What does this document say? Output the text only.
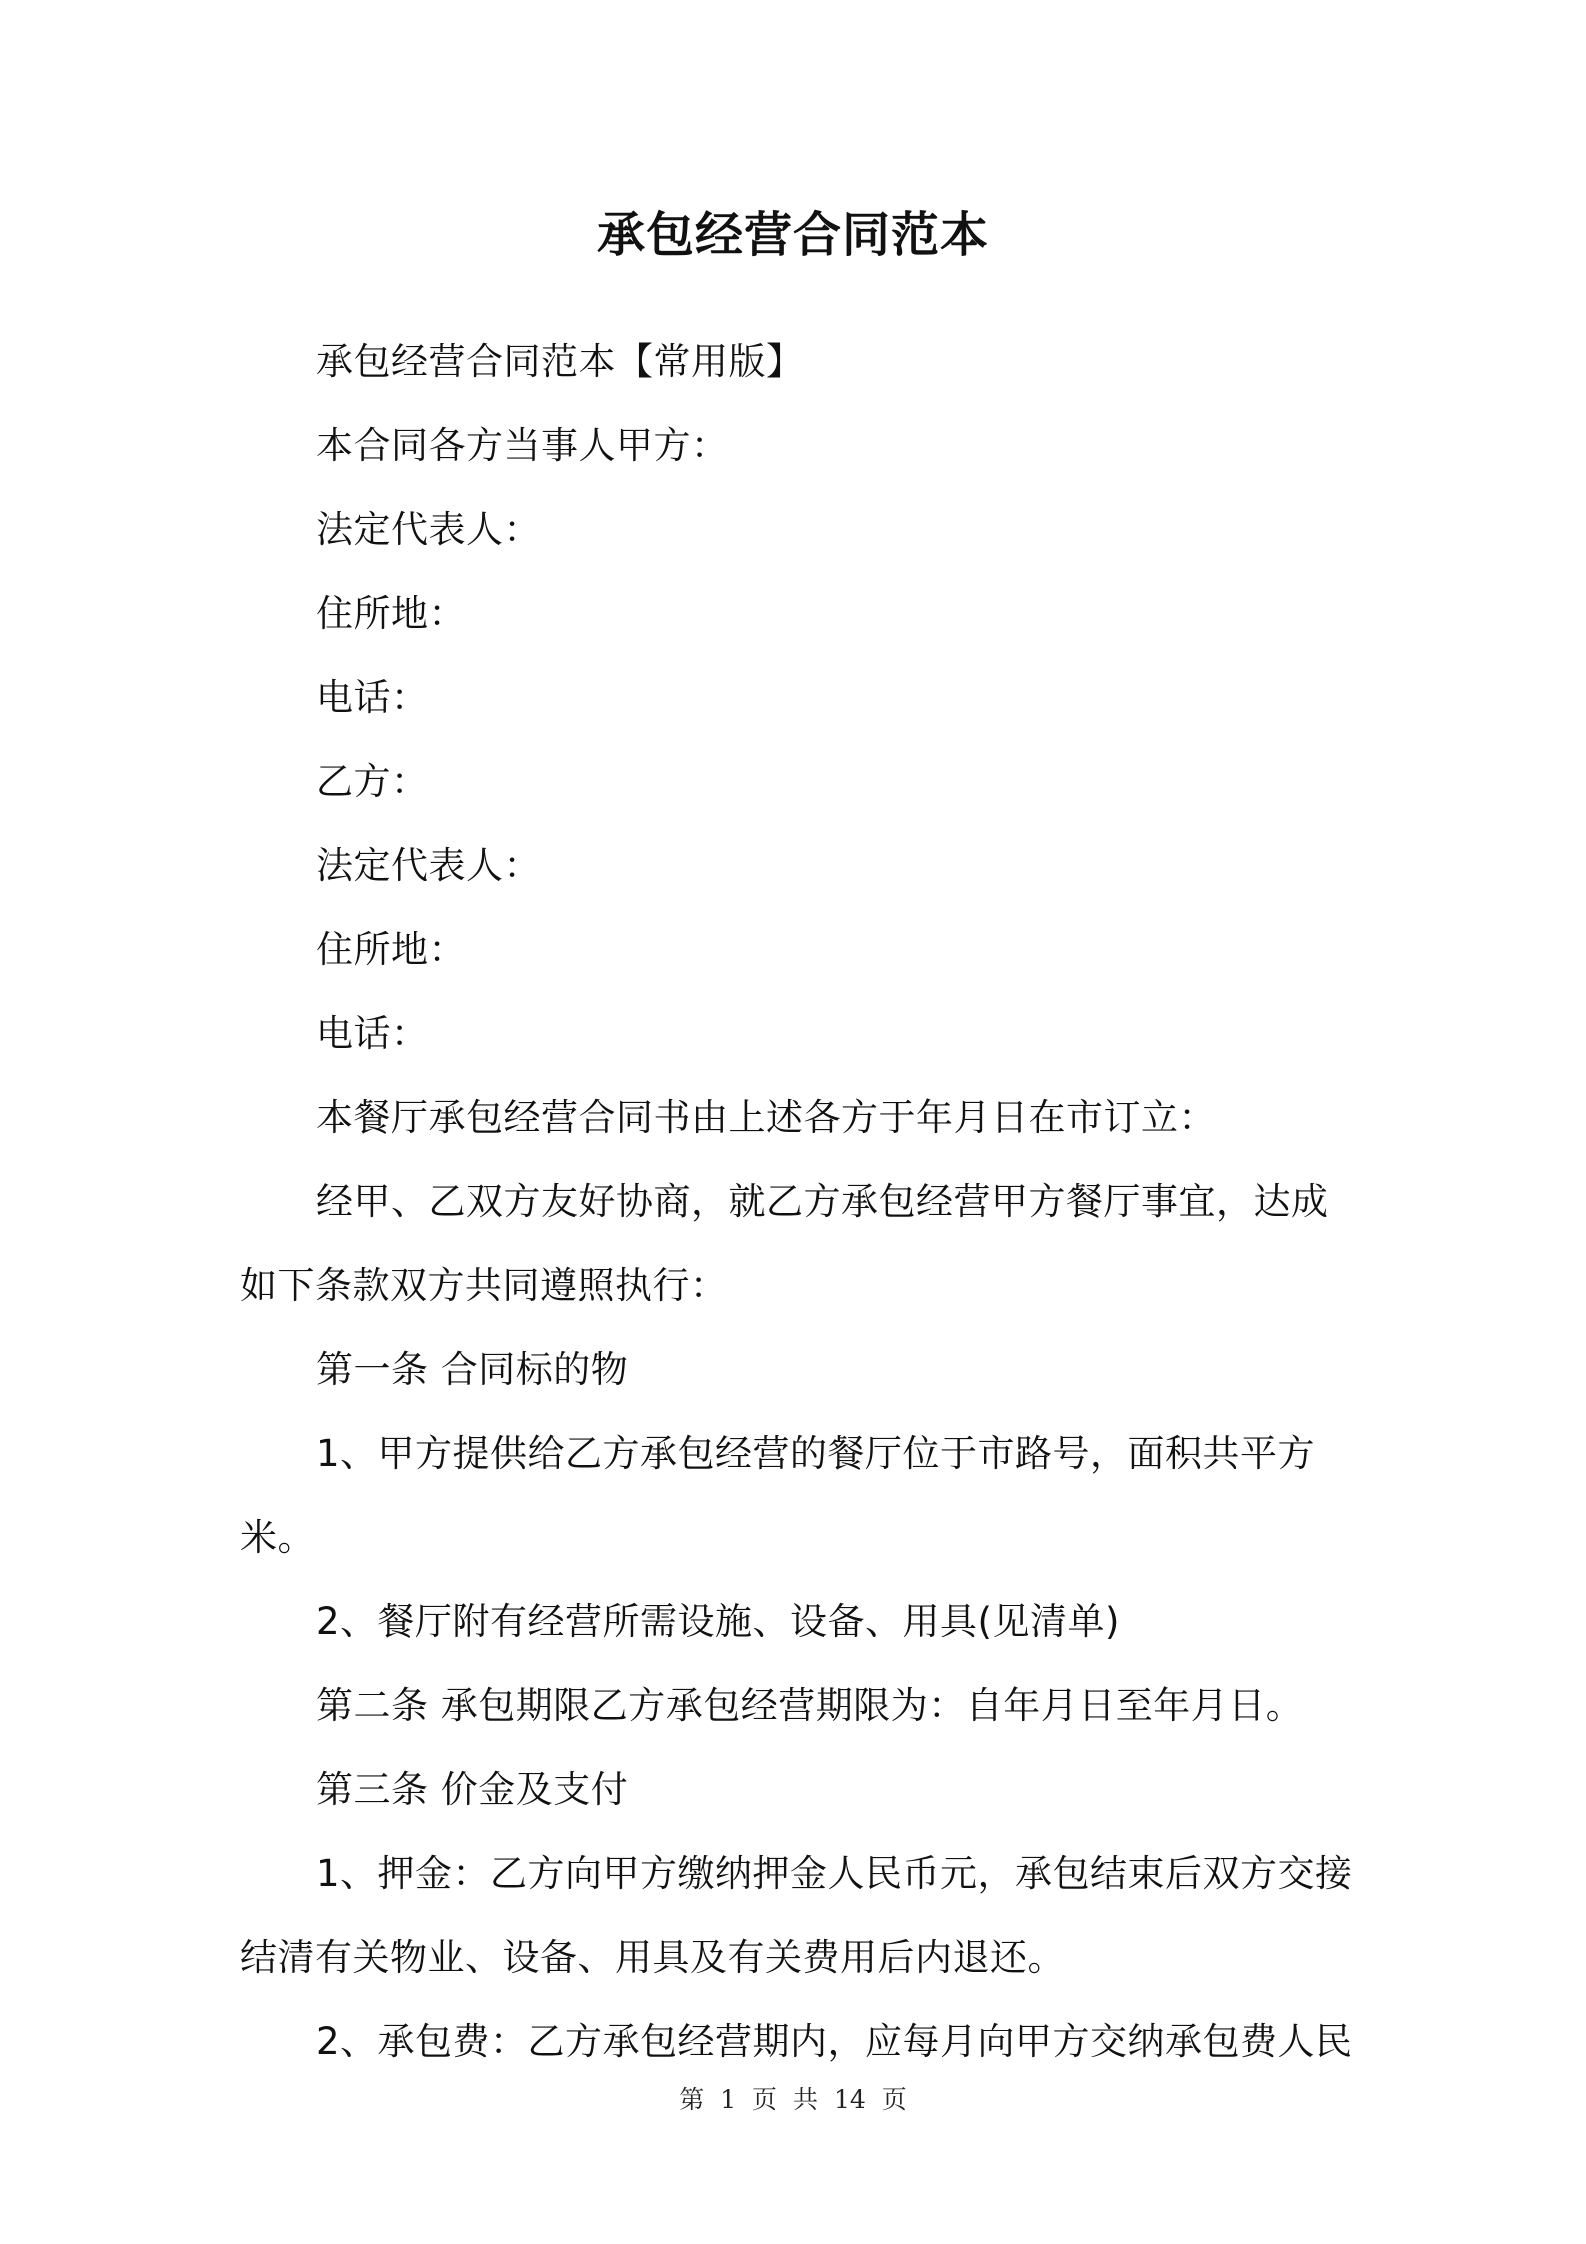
承包经营合同范本

承包经营合同范本【常用版】

本合同各方当事人甲方：

法定代表人：

住所地：

电话：

乙方：

法定代表人：

住所地：

电话：

本餐厅承包经营合同书由上述各方于年月日在市订立：

经甲、乙双方友好协商，就乙方承包经营甲方餐厅事宜，达成如下条款双方共同遵照执行：

第一条 合同标的物

1、甲方提供给乙方承包经营的餐厅位于市路号，面积共平方米。

2、餐厅附有经营所需设施、设备、用具(见清单)

第二条 承包期限乙方承包经营期限为：自年月日至年月日。

第三条 价金及支付

1、押金：乙方向甲方缴纳押金人民币元，承包结束后双方交接结清有关物业、设备、用具及有关费用后内退还。

2、承包费：乙方承包经营期内，应每月向甲方交纳承包费人民

第 1 页 共 14 页
